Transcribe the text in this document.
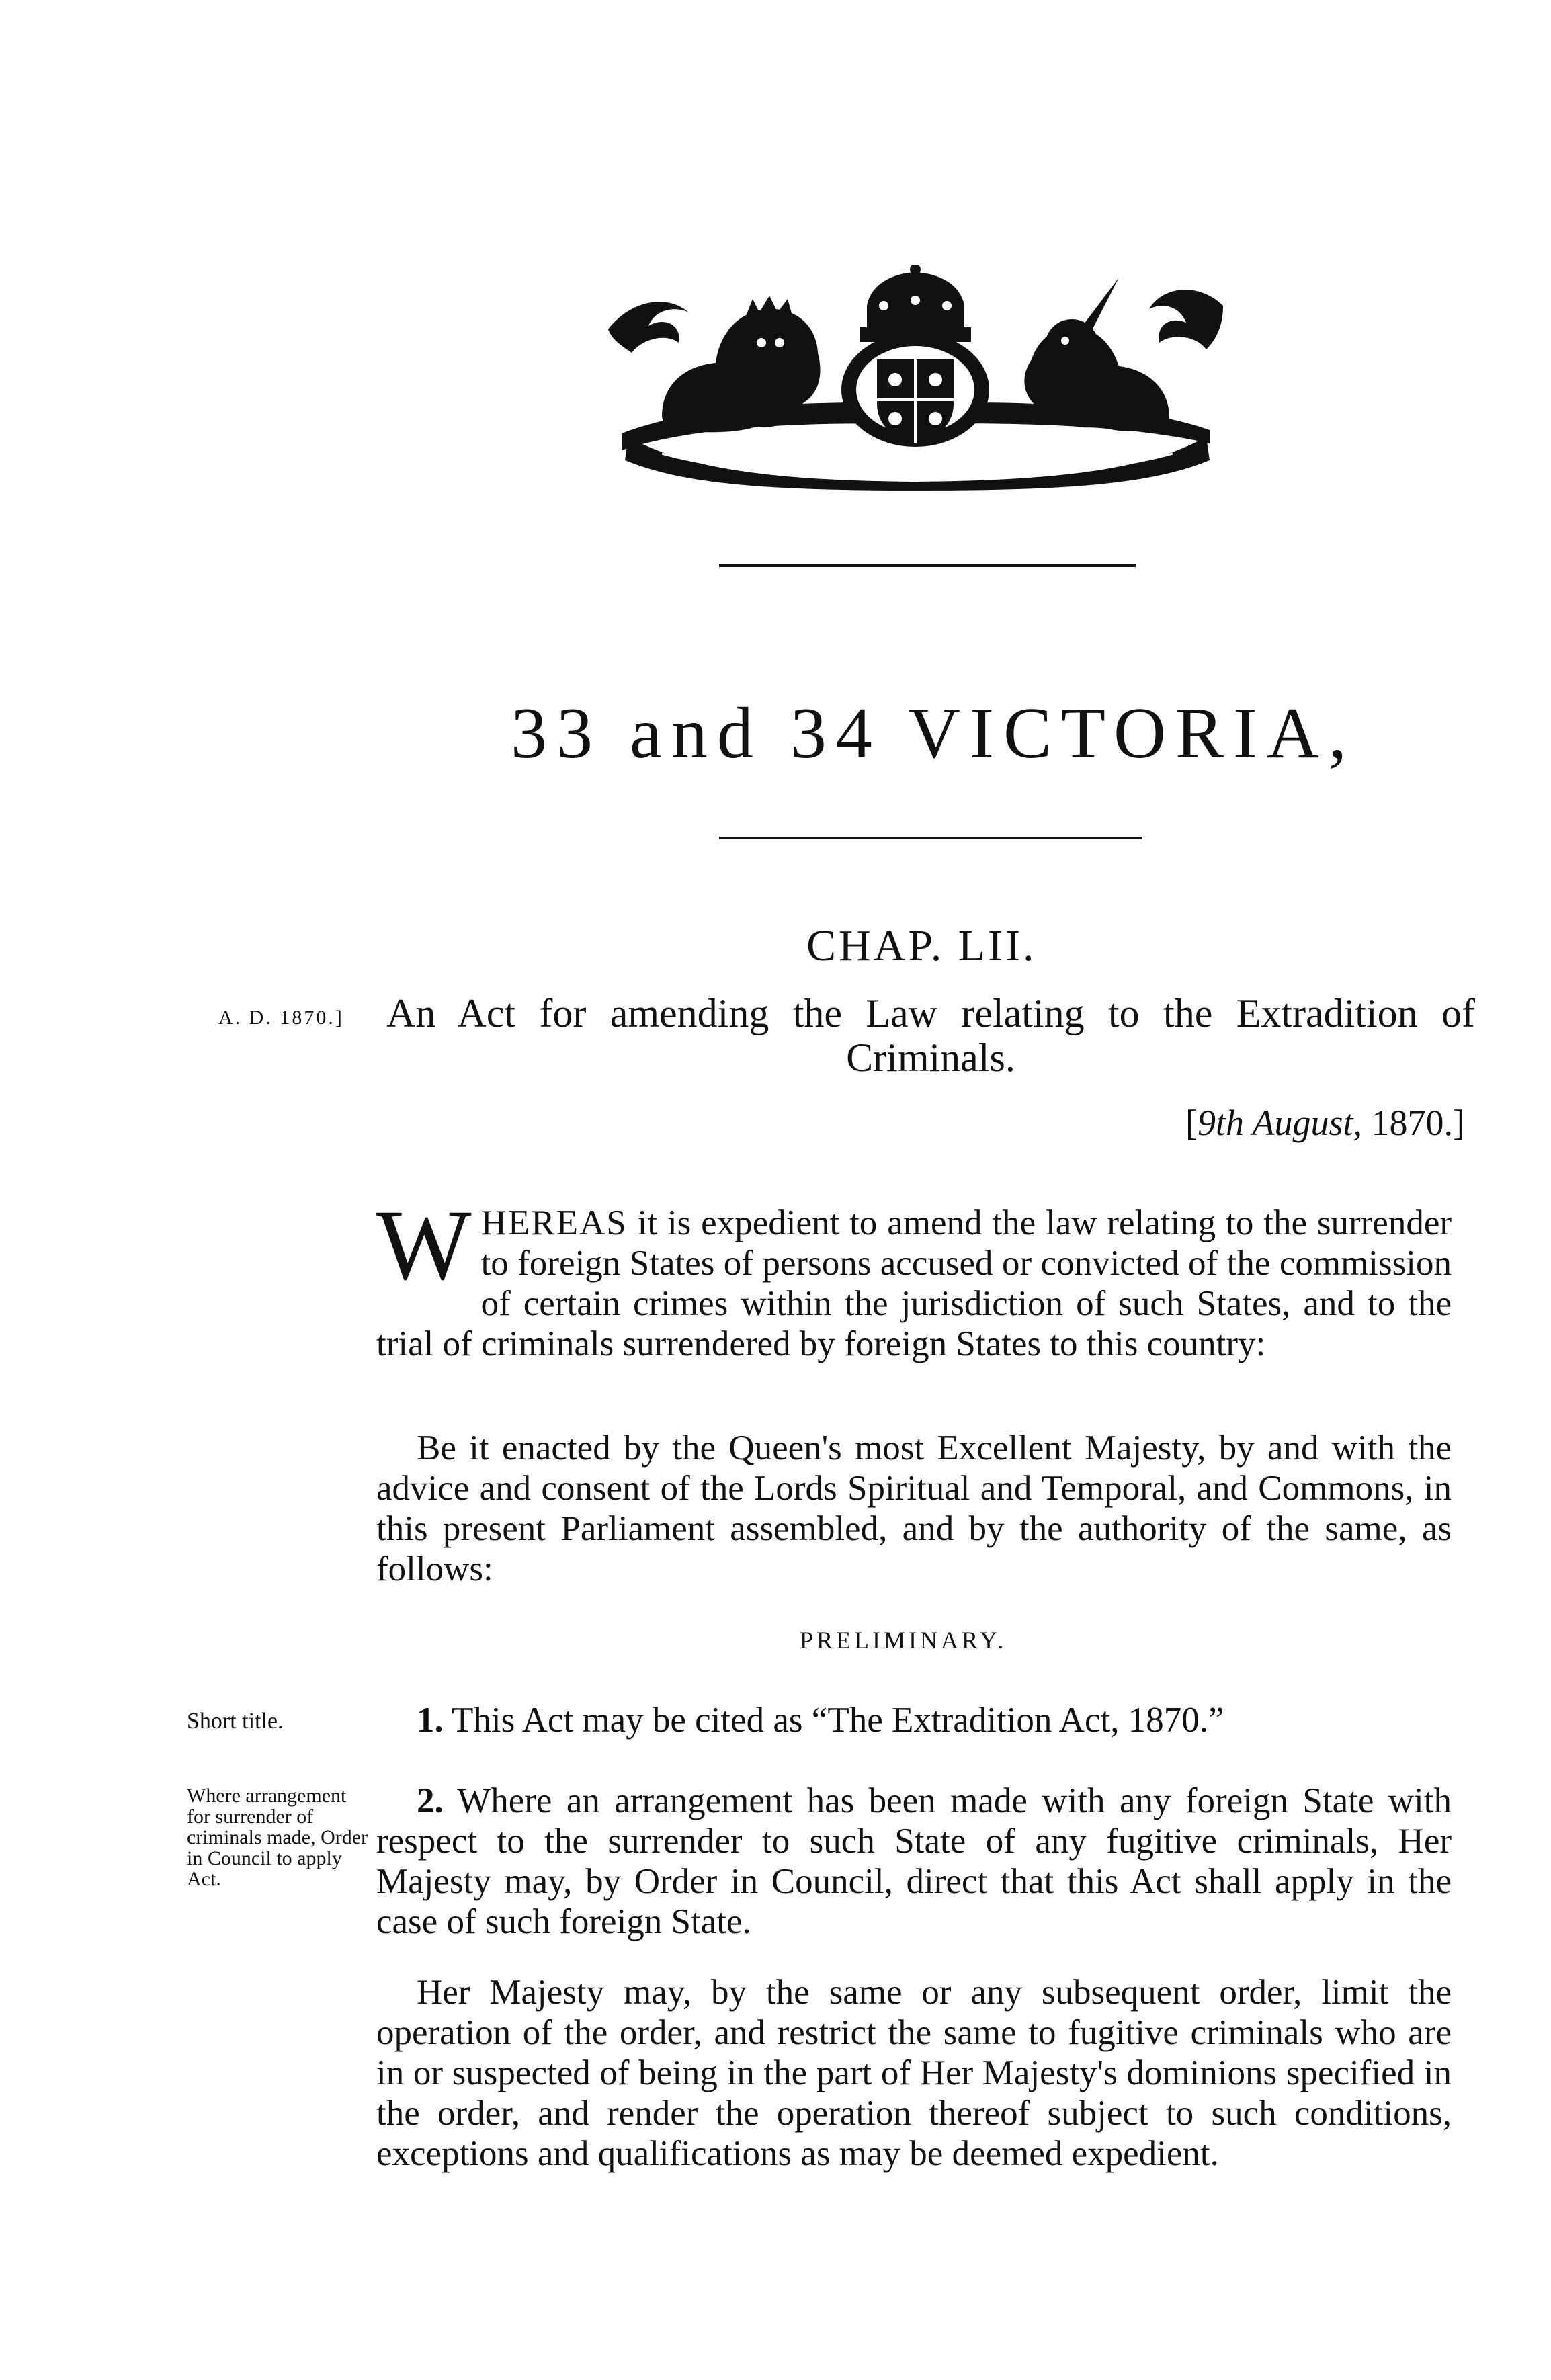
33 and 34 VICTORIA,
CHAP. LII.
A. D. 1870.] An Act for amending the Law relating to the Extradition of Criminals.
[9th August, 1870.]

WHEREAS it is expedient to amend the law relating to the surrender to foreign States of persons accused or convicted of the commission of certain crimes within the jurisdiction of such States, and to the trial of criminals surrendered by foreign States to this country:

Be it enacted by the Queen's most Excellent Majesty, by and with the advice and consent of the Lords Spiritual and Temporal, and Commons, in this present Parliament assembled, and by the authority of the same, as follows:

PRELIMINARY.
Short title.	1. This Act may be cited as “The Extradition Act, 1870.”

Where arrangement for surrender of criminals made, Order in Council to apply Act.

2. Where an arrangement has been made with any foreign State with respect to the surrender to such State of any fugitive criminals, Her Majesty may, by Order in Council, direct that this Act shall apply in the case of such foreign State.

Her Majesty may, by the same or any subsequent order, limit the operation of the order, and restrict the same to fugitive criminals who are in or suspected of being in the part of Her Majesty's dominions specified in the order, and render the operation thereof subject to such conditions, exceptions and qualifications as may be deemed expedient.
